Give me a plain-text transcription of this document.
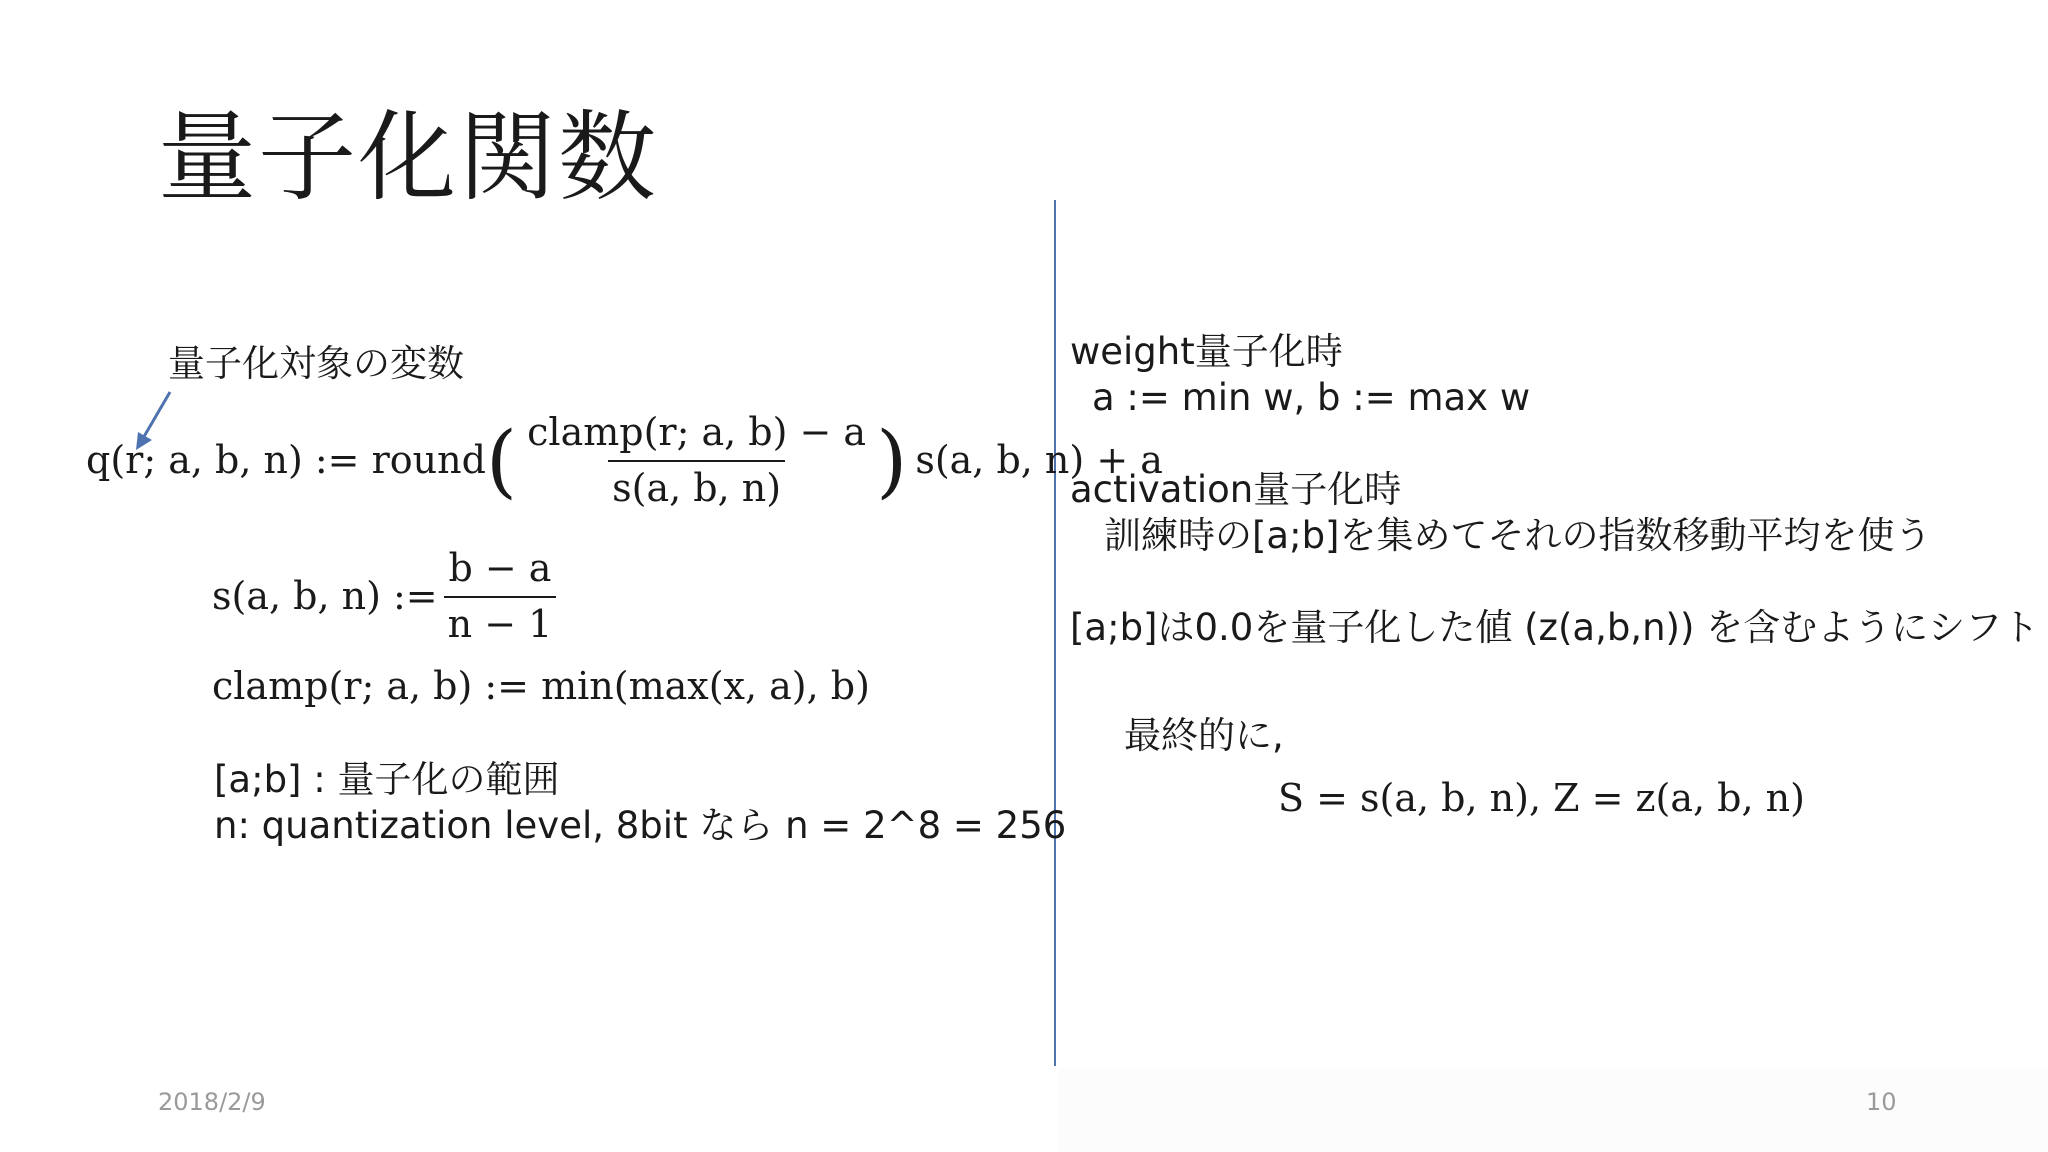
量子化関数
量子化対象の変数
q(r; a, b, n) := round ( $\frac{\text{clamp(r; a, b) − a}}{s(a, b, n)}$ ) s(a, b, n) + a
s(a, b, n) := $\frac{b - a}{n - 1}$
clamp(r; a, b) := min(max(x, a), b)
[a;b] : 量子化の範囲
n: quantization level, 8bit なら n = 2^8 = 256
weight量子化時
a := min w, b := max w
activation量子化時
訓練時の[a;b]を集めてそれの指数移動平均を使う
[a;b]は0.0を量子化した値 (z(a,b,n)) を含むようにシフト
最終的に,
S = s(a, b, n), Z = z(a, b, n)
2018/2/9	10
